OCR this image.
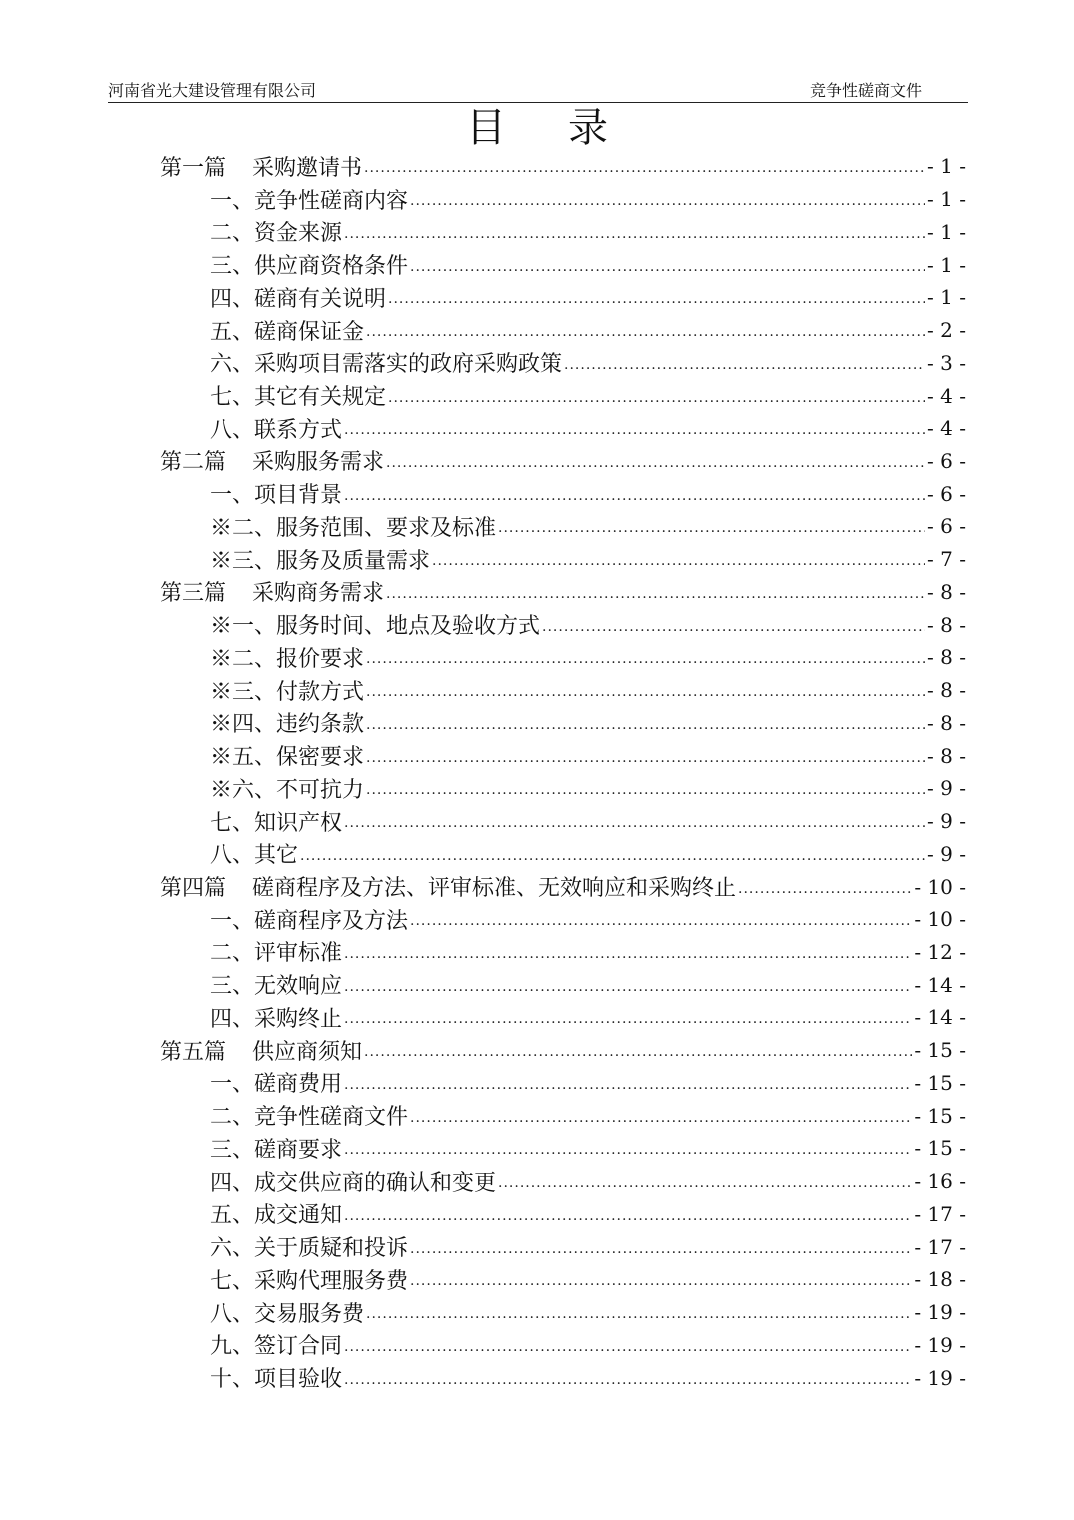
河南省光大建设管理有限公司	竞争性磋商文件
目录
第一篇 采购邀请书 .....	- 1 -
一、竞争性磋商内容 .....	- 1 -
二、资金来源 .....	- 1 -
三、供应商资格条件 .....	- 1 -
四、磋商有关说明 .....	- 1 -
五、磋商保证金 .....	- 2 -
六、采购项目需落实的政府采购政策 .....	- 3 -
七、其它有关规定 .....	- 4 -
八、联系方式 .....	- 4 -
第二篇 采购服务需求 .....	- 6 -
一、项目背景 .....	- 6 -
※二、服务范围、要求及标准 .....	- 6 -
※三、服务及质量需求 .....	- 7 -
第三篇 采购商务需求 .....	- 8 -
※一、服务时间、地点及验收方式 .....	- 8 -
※二、报价要求 .....	- 8 -
※三、付款方式 .....	- 8 -
※四、违约条款 .....	- 8 -
※五、保密要求 .....	- 8 -
※六、不可抗力 .....	- 9 -
七、知识产权 .....	- 9 -
八、其它 .....	- 9 -
第四篇 磋商程序及方法、评审标准、无效响应和采购终止 .....	- 10 -
一、磋商程序及方法 .....	- 10 -
二、评审标准 .....	- 12 -
三、无效响应 .....	- 14 -
四、采购终止 .....	- 14 -
第五篇 供应商须知 .....	- 15 -
一、磋商费用 .....	- 15 -
二、竞争性磋商文件 .....	- 15 -
三、磋商要求 .....	- 15 -
四、成交供应商的确认和变更 .....	- 16 -
五、成交通知 .....	- 17 -
六、关于质疑和投诉 .....	- 17 -
七、采购代理服务费 .....	- 18 -
八、交易服务费 .....	- 19 -
九、签订合同 .....	- 19 -
十、项目验收 .....	- 19 -
